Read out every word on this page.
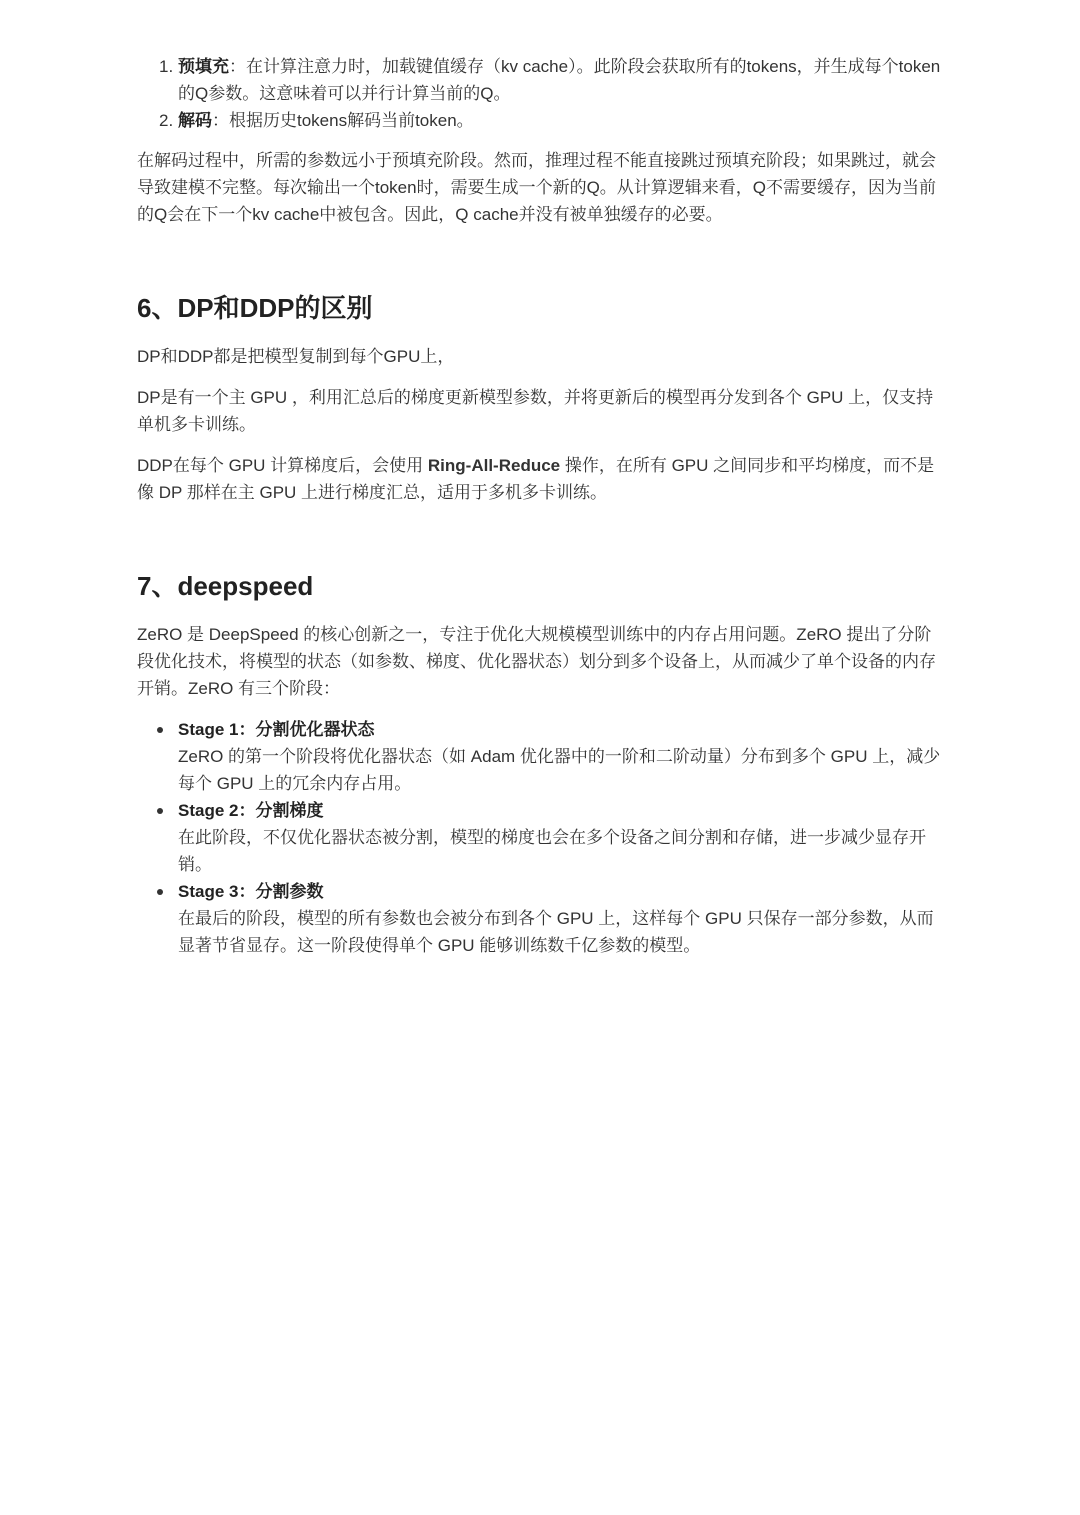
1. 预填充：在计算注意力时，加载键值缓存（kv cache）。此阶段会获取所有的tokens，并生成每个token的Q参数。这意味着可以并行计算当前的Q。
2. 解码：根据历史tokens解码当前token。

在解码过程中，所需的参数远小于预填充阶段。然而，推理过程不能直接跳过预填充阶段；如果跳过，就会导致建模不完整。每次输出一个token时，需要生成一个新的Q。从计算逻辑来看，Q不需要缓存，因为当前的Q会在下一个kv cache中被包含。因此，Q cache并没有被单独缓存的必要。

6、DP和DDP的区别

DP和DDP都是把模型复制到每个GPU上，

DP是有一个主 GPU ，利用汇总后的梯度更新模型参数，并将更新后的模型再分发到各个 GPU 上，仅支持单机多卡训练。

DDP在每个 GPU 计算梯度后，会使用 Ring-All-Reduce 操作，在所有 GPU 之间同步和平均梯度，而不是像 DP 那样在主 GPU 上进行梯度汇总，适用于多机多卡训练。

7、deepspeed

ZeRO 是 DeepSpeed 的核心创新之一，专注于优化大规模模型训练中的内存占用问题。ZeRO 提出了分阶段优化技术，将模型的状态（如参数、梯度、优化器状态）划分到多个设备上，从而减少了单个设备的内存开销。ZeRO 有三个阶段：

Stage 1：分割优化器状态
ZeRO 的第一个阶段将优化器状态（如 Adam 优化器中的一阶和二阶动量）分布到多个 GPU 上，减少每个 GPU 上的冗余内存占用。
Stage 2：分割梯度
在此阶段，不仅优化器状态被分割，模型的梯度也会在多个设备之间分割和存储，进一步减少显存开销。
Stage 3：分割参数
在最后的阶段，模型的所有参数也会被分布到各个 GPU 上，这样每个 GPU 只保存一部分参数，从而显著节省显存。这一阶段使得单个 GPU 能够训练数千亿参数的模型。
